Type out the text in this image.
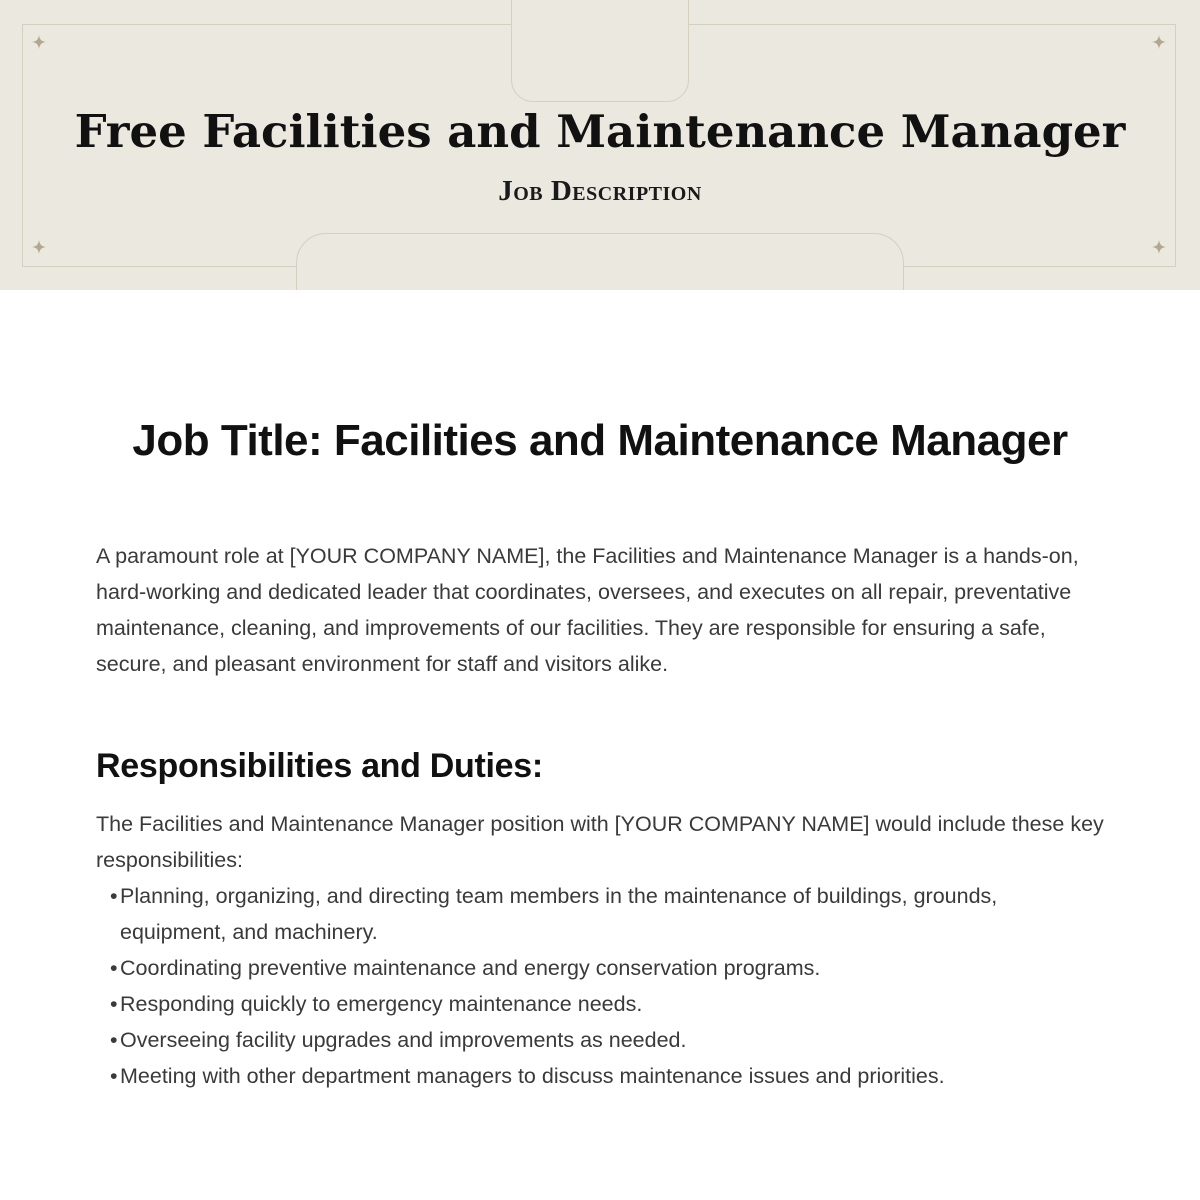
Free Facilities and Maintenance Manager
Job Description
Job Title: Facilities and Maintenance Manager

A paramount role at [YOUR COMPANY NAME], the Facilities and Maintenance Manager is a hands-on, hard-working and dedicated leader that coordinates, oversees, and executes on all repair, preventative maintenance, cleaning, and improvements of our facilities. They are responsible for ensuring a safe, secure, and pleasant environment for staff and visitors alike.

Responsibilities and Duties:

The Facilities and Maintenance Manager position with [YOUR COMPANY NAME] would include these key responsibilities:

• Planning, organizing, and directing team members in the maintenance of buildings, grounds, equipment, and machinery.
• Coordinating preventive maintenance and energy conservation programs.
• Responding quickly to emergency maintenance needs.
• Overseeing facility upgrades and improvements as needed.
• Meeting with other department managers to discuss maintenance issues and priorities.
